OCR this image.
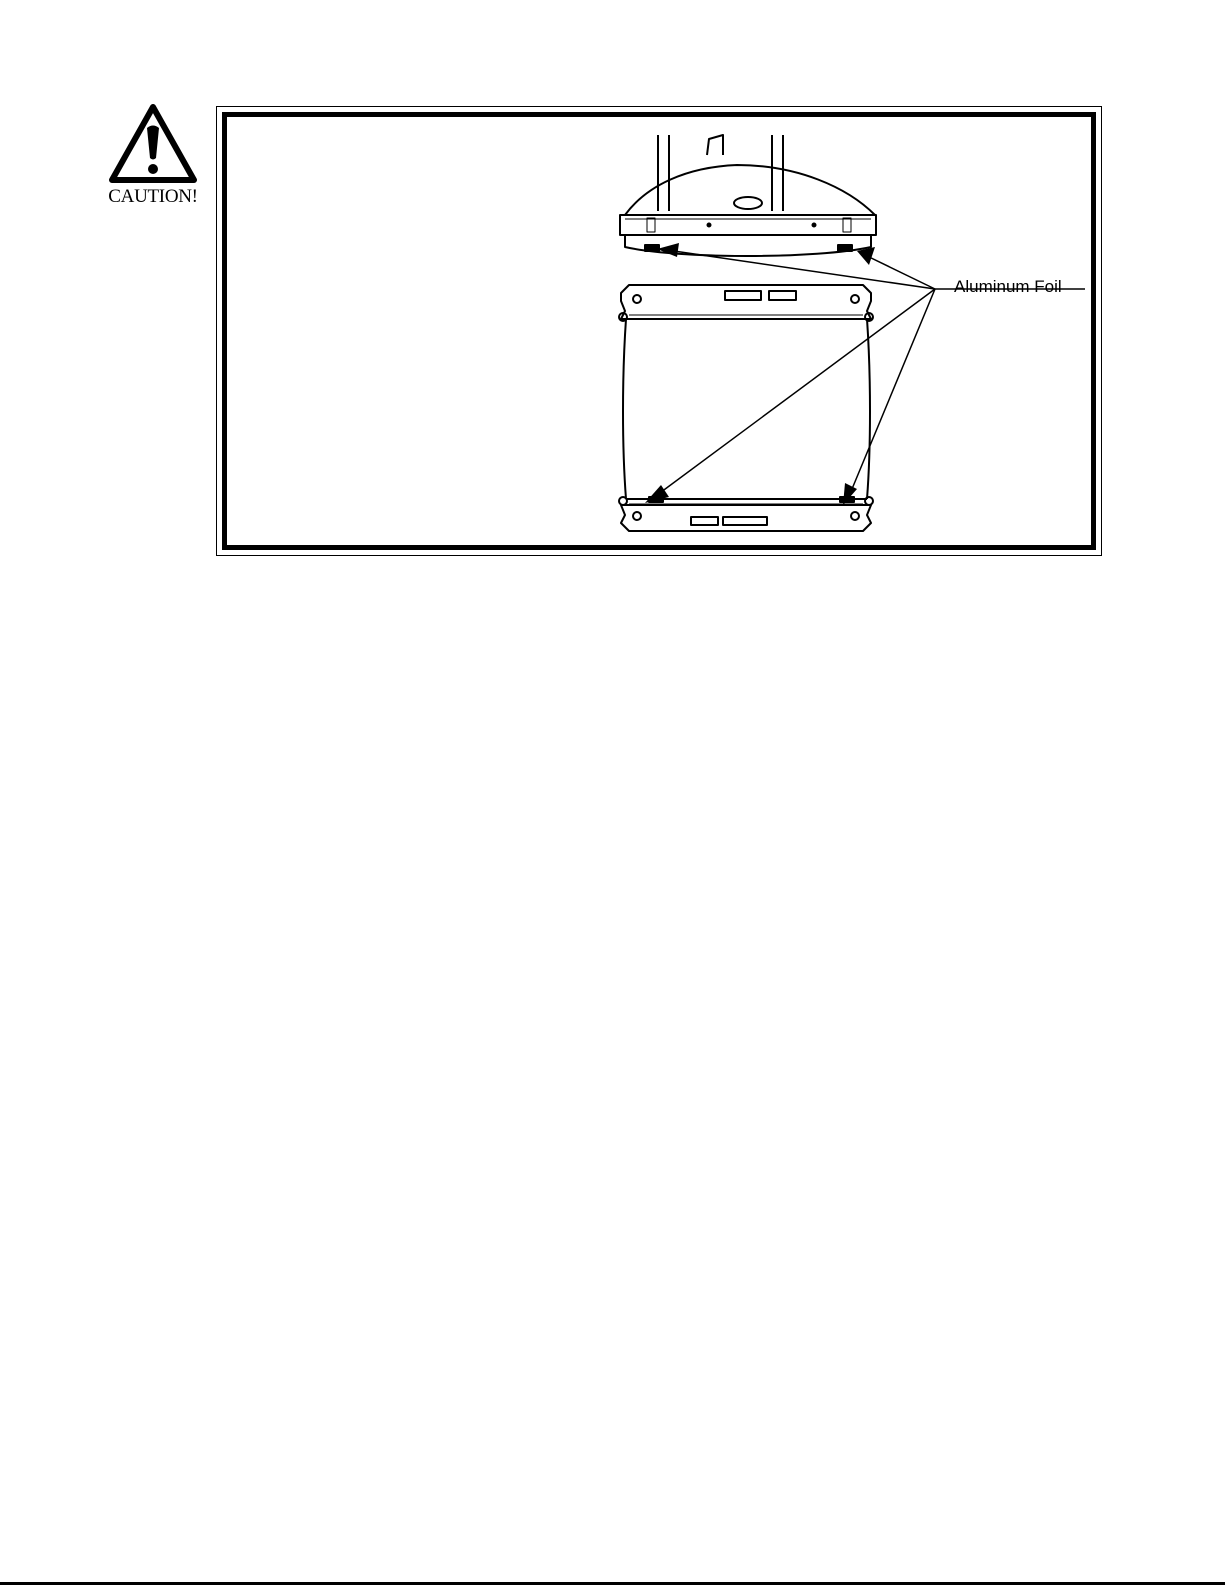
CAUTION!
Aluminum Foil
